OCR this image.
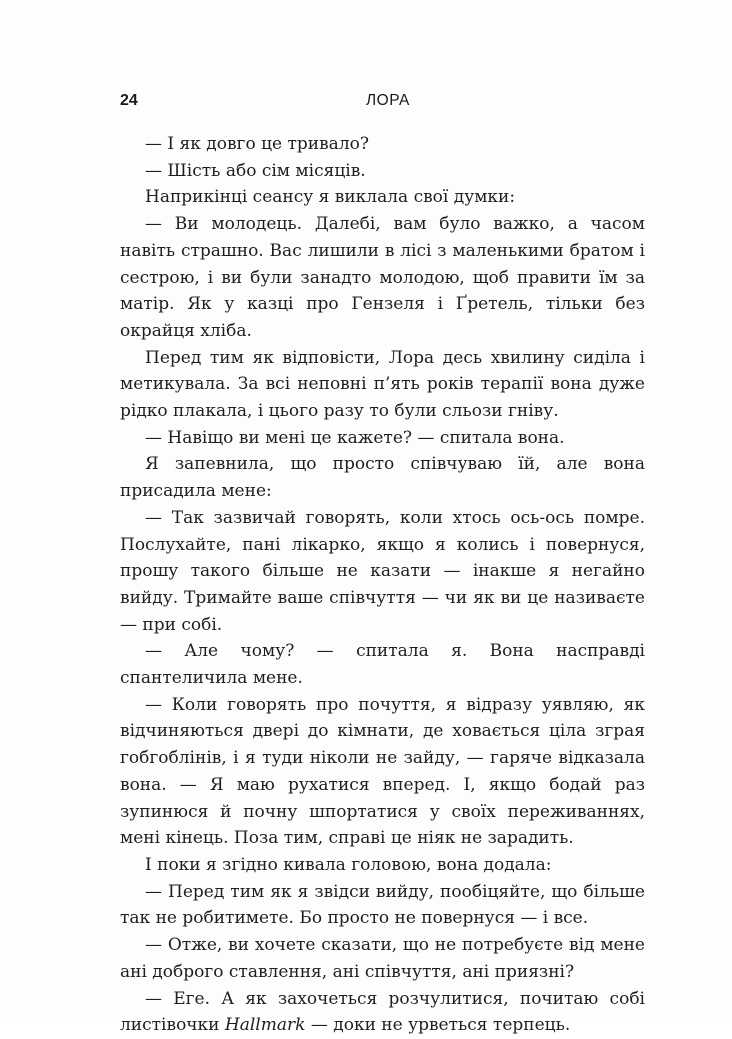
24	ЛОРА

— І як довго це тривало?

— Шість або сім місяців.

Наприкінці сеансу я виклала свої думки:

— Ви молодець. Далебі, вам було важко, а часом навіть страшно. Вас лишили в лісі з маленькими братом і сестрою, і ви були занадто молодою, щоб правити їм за матір. Як у казці про Гензеля і Ґретель, тільки без окрайця хліба.

Перед тим як відповісти, Лора десь хвилину сиділа і метикувала. За всі неповні п’ять років терапії вона дуже рідко плакала, і цього разу то були сльози гніву.

— Навіщо ви мені це кажете? — спитала вона.

Я запевнила, що просто співчуваю їй, але вона присадила мене:

— Так зазвичай говорять, коли хтось ось-ось помре. Послухайте, пані лікарко, якщо я колись і повернуся, прошу такого більше не казати — інакше я негайно вийду. Тримайте ваше співчуття — чи як ви це називаєте — при собі.

— Але чому? — спитала я. Вона насправді спантеличила мене.

— Коли говорять про почуття, я відразу уявляю, як відчиняються двері до кімнати, де ховається ціла зграя гобгоблінів, і я туди ніколи не зайду, — гаряче відказала вона. — Я маю рухатися вперед. І, якщо бодай раз зупинюся й почну шпортатися у своїх переживаннях, мені кінець. Поза тим, справі це ніяк не зарадить.

І поки я згідно кивала головою, вона додала:

— Перед тим як я звідси вийду, пообіцяйте, що більше так не робитимете. Бо просто не повернуся — і все.

— Отже, ви хочете сказати, що не потребуєте від мене ані доброго ставлення, ані співчуття, ані приязні?

— Еге. А як захочеться розчулитися, почитаю собі листівочки Hallmark — доки не урветься терпець.
